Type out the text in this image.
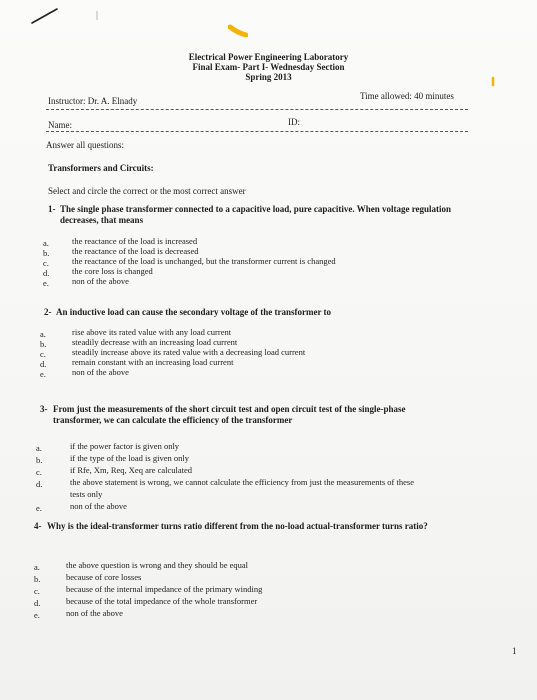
Electrical Power Engineering Laboratory
Final Exam- Part I- Wednesday Section
Spring 2013
Instructor: Dr. A. Elnady	Time allowed: 40 minutes
Name:	ID:
Answer all questions:
Transformers and Circuits:
Select and circle the correct or the most correct answer
1- The single phase transformer connected to a capacitive load, pure capacitive. When voltage regulation
decreases, that means
a.	the reactance of the load is increased
b.	the reactance of the load is decreased
c.	the reactance of the load is unchanged, but the transformer current is changed
d.	the core loss is changed
e.	non of the above
2- An inductive load can cause the secondary voltage of the transformer to
a.	rise above its rated value with any load current
b.	steadily decrease with an increasing load current
c.	steadily increase above its rated value with a decreasing load current
d.	remain constant with an increasing load current
e.	non of the above
3- From just the measurements of the short circuit test and open circuit test of the single-phase
transformer, we can calculate the efficiency of the transformer
a.	if the power factor is given only
b.	if the type of the load is given only
c.	if Rfe, Xm, Req, Xeq are calculated
d.	the above statement is wrong, we cannot calculate the efficiency from just the measurements of these
tests only
e.	non of the above
4- Why is the ideal-transformer turns ratio different from the no-load actual-transformer turns ratio?
a.	the above question is wrong and they should be equal
b.	because of core losses
c.	because of the internal impedance of the primary winding
d.	because of the total impedance of the whole transformer
e.	non of the above
1
